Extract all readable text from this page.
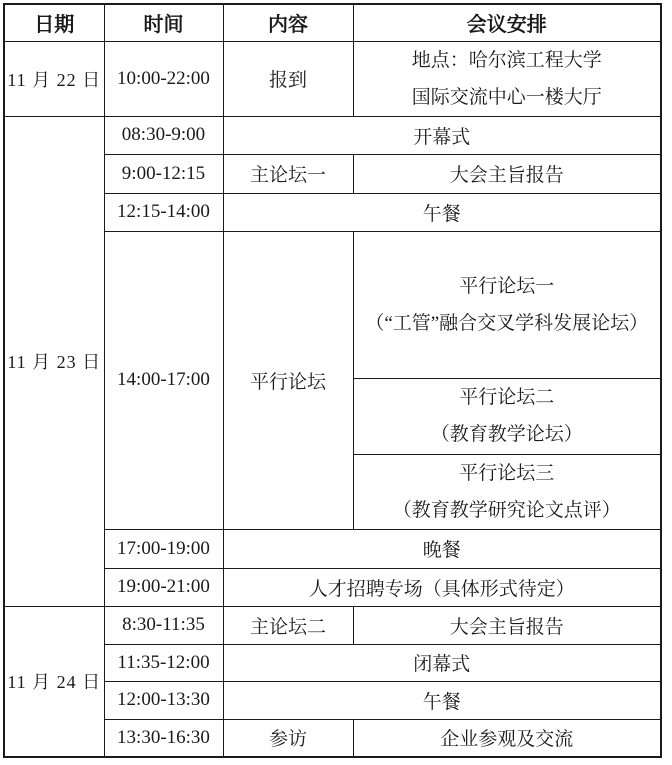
日期	时间	内容	会议安排
11 月 22 日	10:00-22:00	报到	地点：哈尔滨工程大学
国际交流中心一楼大厅

11 月 23 日	08:30-9:00	开幕式	
	9:00-12:15	主论坛一	大会主旨报告
	12:15-14:00	午餐	
	14:00-17:00	平行论坛	平行论坛一
（“工管”融合交叉学科发展论坛）

			平行论坛二
（教育教学论坛）

			平行论坛三
（教育教学研究论文点评）

	17:00-19:00	晚餐	
	19:00-21:00	人才招聘专场（具体形式待定）	
11 月 24 日	8:30-11:35	主论坛二	大会主旨报告
	11:35-12:00	闭幕式	
	12:00-13:30	午餐	
	13:30-16:30	参访	企业参观及交流
